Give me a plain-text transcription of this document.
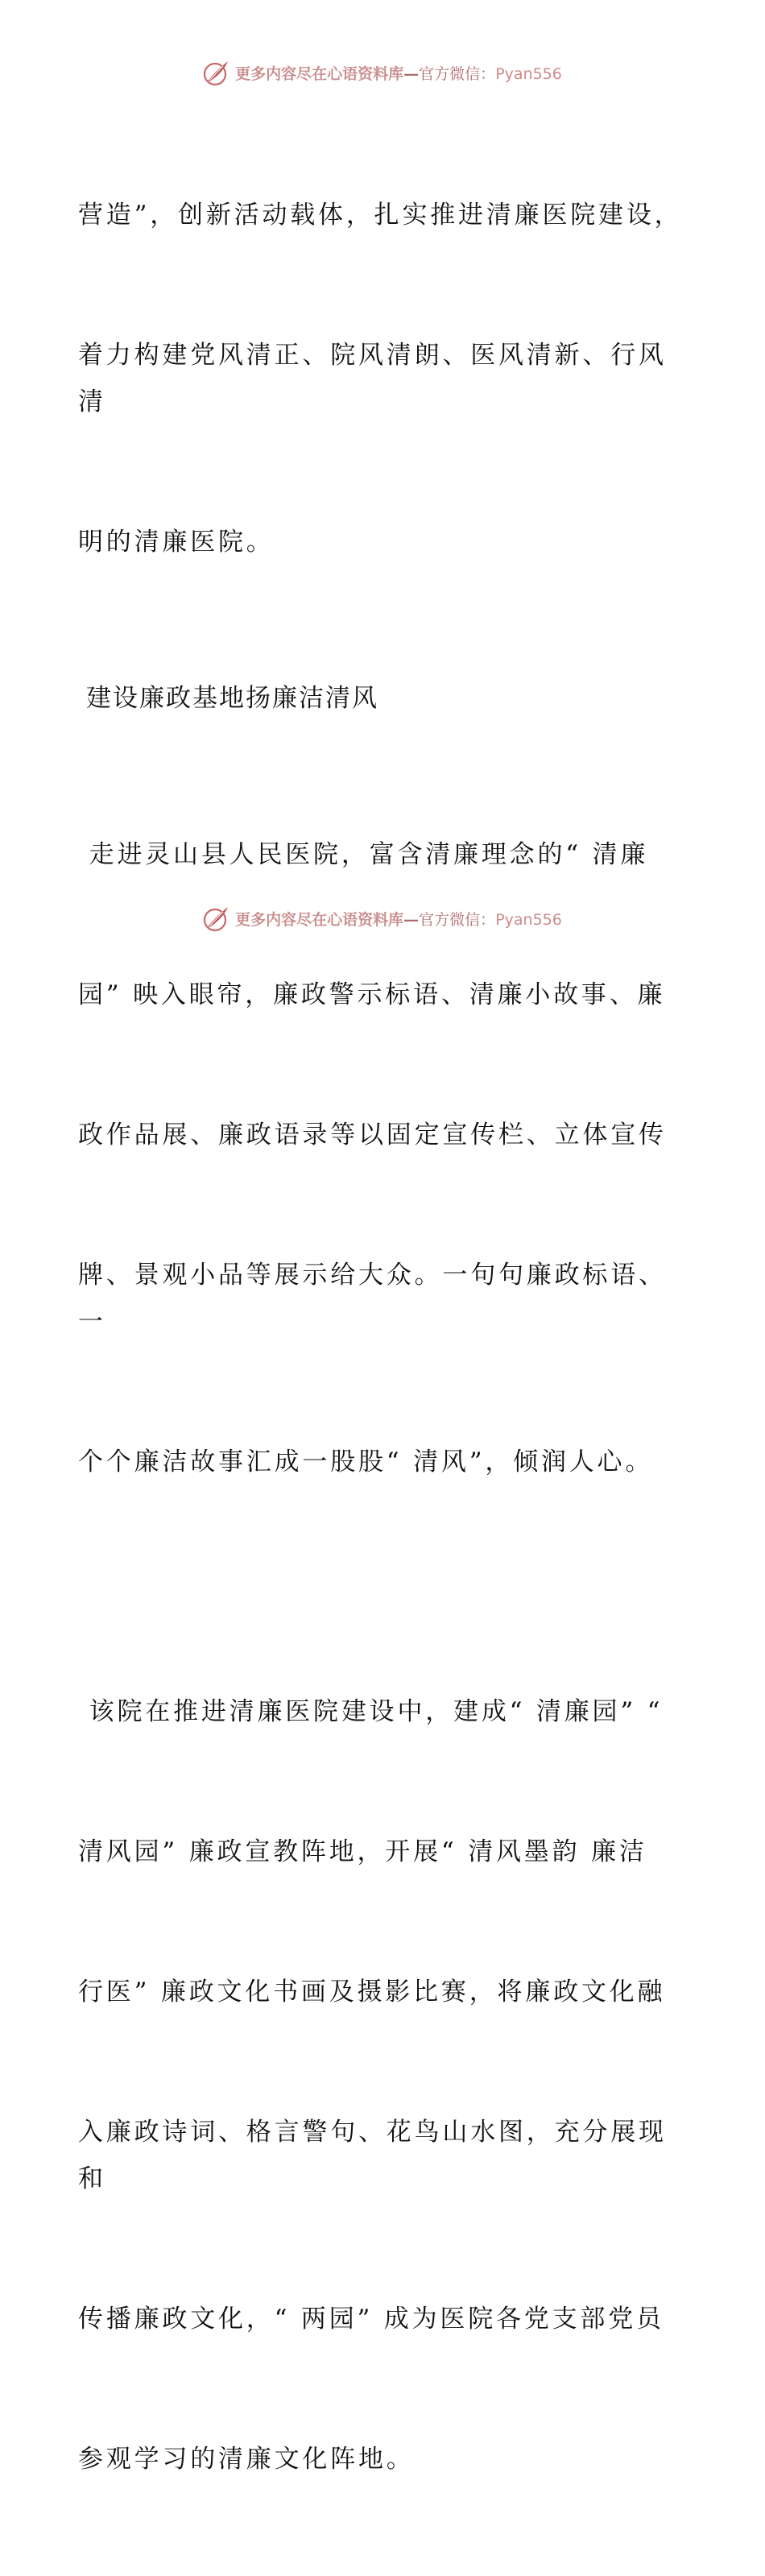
更多内容尽在心语资料库—官方微信：Pyan556

营造”，创新活动载体，扎实推进清廉医院建设，

着力构建党风清正、院风清朗、医风清新、行风清

明的清廉医院。

建设廉政基地扬廉洁清风

走进灵山县人民医院，富含清廉理念的“ 清廉

园” 映入眼帘，廉政警示标语、清廉小故事、廉

政作品展、廉政语录等以固定宣传栏、立体宣传

牌、景观小品等展示给大众。一句句廉政标语、一

个个廉洁故事汇成一股股“ 清风”，倾润人心。

该院在推进清廉医院建设中，建成“ 清廉园” “

清风园” 廉政宣教阵地，开展“ 清风墨韵 廉洁

行医” 廉政文化书画及摄影比赛，将廉政文化融

入廉政诗词、格言警句、花鸟山水图，充分展现和

传播廉政文化，“ 两园” 成为医院各党支部党员

参观学习的清廉文化阵地。

更多内容尽在心语资料库—官方微信：Pyan556
